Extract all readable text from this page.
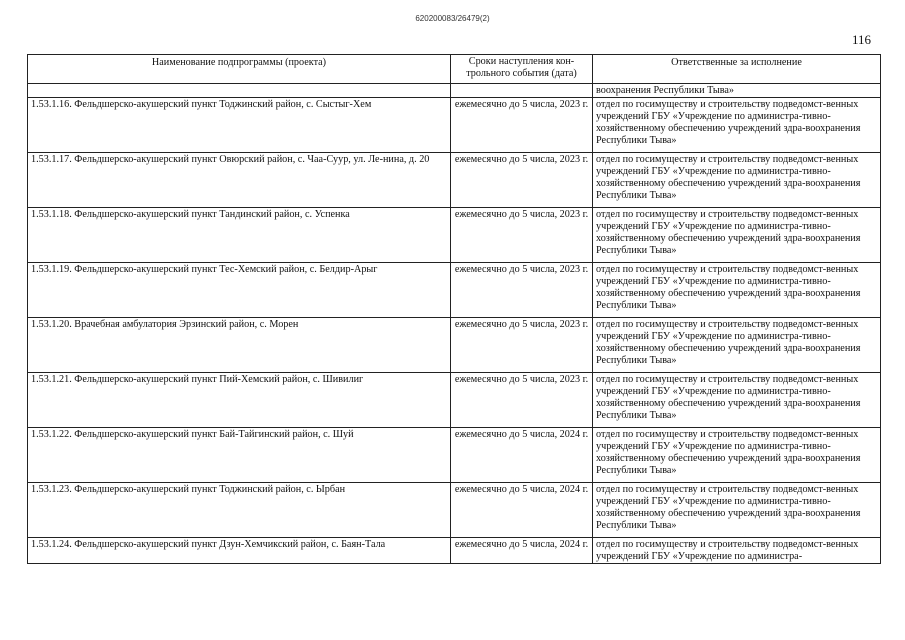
620200083/26479(2)
116
Наименование подпрограммы (проекта)	Сроки наступления кон-трольного события (дата)	Ответственные за исполнение
		воохранения Республики Тыва»
1.53.1.16. Фельдшерско-акушерский пункт Тоджинский район, с. Сыстыг-Хем	ежемесячно до 5 числа, 2023 г.	отдел по госимуществу и строительству подведомст-венных учреждений ГБУ «Учреждение по администра-тивно-хозяйственному обеспечению учреждений здра-воохранения Республики Тыва»
1.53.1.17. Фельдшерско-акушерский пункт Овюрский район, с. Чаа-Суур, ул. Ле-нина, д. 20	ежемесячно до 5 числа, 2023 г.	отдел по госимуществу и строительству подведомст-венных учреждений ГБУ «Учреждение по администра-тивно-хозяйственному обеспечению учреждений здра-воохранения Республики Тыва»
1.53.1.18. Фельдшерско-акушерский пункт Тандинский район, с. Успенка	ежемесячно до 5 числа, 2023 г.	отдел по госимуществу и строительству подведомст-венных учреждений ГБУ «Учреждение по администра-тивно-хозяйственному обеспечению учреждений здра-воохранения Республики Тыва»
1.53.1.19. Фельдшерско-акушерский пункт Тес-Хемский район, с. Белдир-Арыг	ежемесячно до 5 числа, 2023 г.	отдел по госимуществу и строительству подведомст-венных учреждений ГБУ «Учреждение по администра-тивно-хозяйственному обеспечению учреждений здра-воохранения Республики Тыва»
1.53.1.20. Врачебная амбулатория Эрзинский район, с. Морен	ежемесячно до 5 числа, 2023 г.	отдел по госимуществу и строительству подведомст-венных учреждений ГБУ «Учреждение по администра-тивно-хозяйственному обеспечению учреждений здра-воохранения Республики Тыва»
1.53.1.21. Фельдшерско-акушерский пункт Пий-Хемский район, с. Шивилиг	ежемесячно до 5 числа, 2023 г.	отдел по госимуществу и строительству подведомст-венных учреждений ГБУ «Учреждение по администра-тивно-хозяйственному обеспечению учреждений здра-воохранения Республики Тыва»
1.53.1.22. Фельдшерско-акушерский пункт Бай-Тайгинский район, с. Шуй	ежемесячно до 5 числа, 2024 г.	отдел по госимуществу и строительству подведомст-венных учреждений ГБУ «Учреждение по администра-тивно-хозяйственному обеспечению учреждений здра-воохранения Республики Тыва»
1.53.1.23. Фельдшерско-акушерский пункт Тоджинский район, с. Ырбан	ежемесячно до 5 числа, 2024 г.	отдел по госимуществу и строительству подведомст-венных учреждений ГБУ «Учреждение по администра-тивно-хозяйственному обеспечению учреждений здра-воохранения Республики Тыва»
1.53.1.24. Фельдшерско-акушерский пункт Дзун-Хемчикский район, с. Баян-Тала	ежемесячно до 5 числа, 2024 г.	отдел по госимуществу и строительству подведомст-венных учреждений ГБУ «Учреждение по администра-
